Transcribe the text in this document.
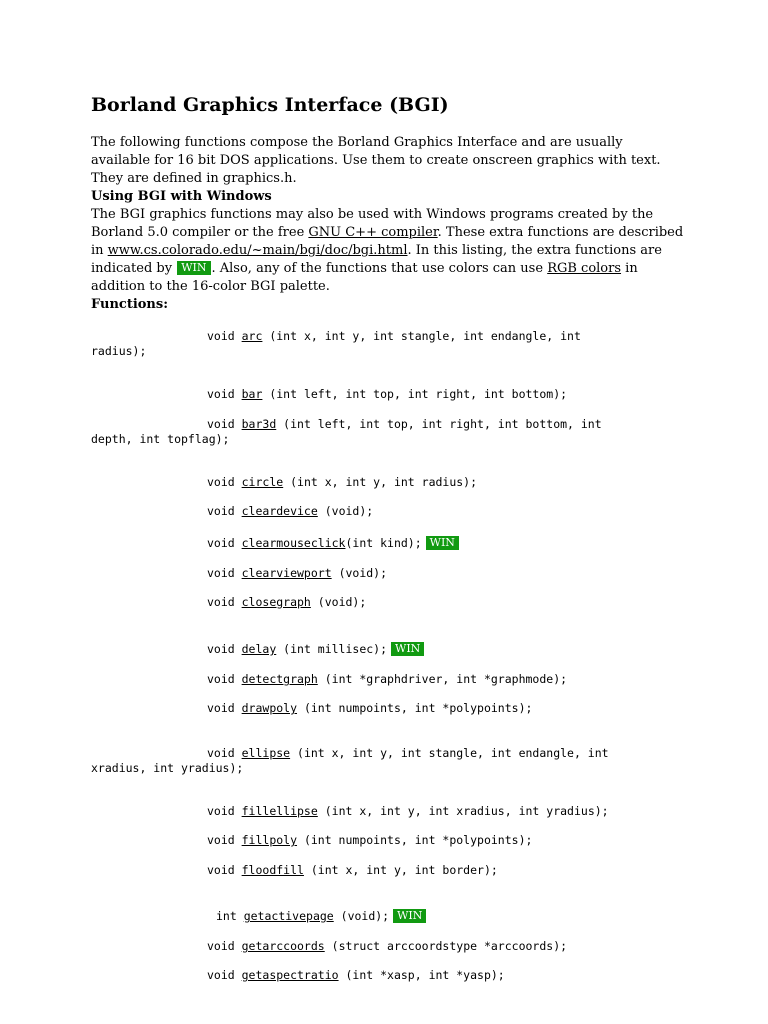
Borland Graphics Interface (BGI)

The following functions compose the Borland Graphics Interface and are usually available for 16 bit DOS applications. Use them to create onscreen graphics with text. They are defined in graphics.h.

Using BGI with Windows

The BGI graphics functions may also be used with Windows programs created by the Borland 5.0 compiler or the free GNU C++ compiler. These extra functions are described in www.cs.colorado.edu/~main/bgi/doc/bgi.html. In this listing, the extra functions are indicated by WIN . Also, any of the functions that use colors can use RGB colors in addition to the 16-color BGI palette.

Functions:

void arc (int x, int y, int stangle, int endangle, int
radius);
void bar (int left, int top, int right, int bottom);
void bar3d (int left, int top, int right, int bottom, int
depth, int topflag);
void circle (int x, int y, int radius);
void cleardevice (void);
void clearmouseclick(int kind); WIN
void clearviewport (void);
void closegraph (void);
void delay (int millisec); WIN
void detectgraph (int *graphdriver, int *graphmode);
void drawpoly (int numpoints, int *polypoints);
void ellipse (int x, int y, int stangle, int endangle, int
xradius, int yradius);
void fillellipse (int x, int y, int xradius, int yradius);
void fillpoly (int numpoints, int *polypoints);
void floodfill (int x, int y, int border);
int getactivepage (void); WIN
void getarccoords (struct arccoordstype *arccoords);
void getaspectratio (int *xasp, int *yasp);
